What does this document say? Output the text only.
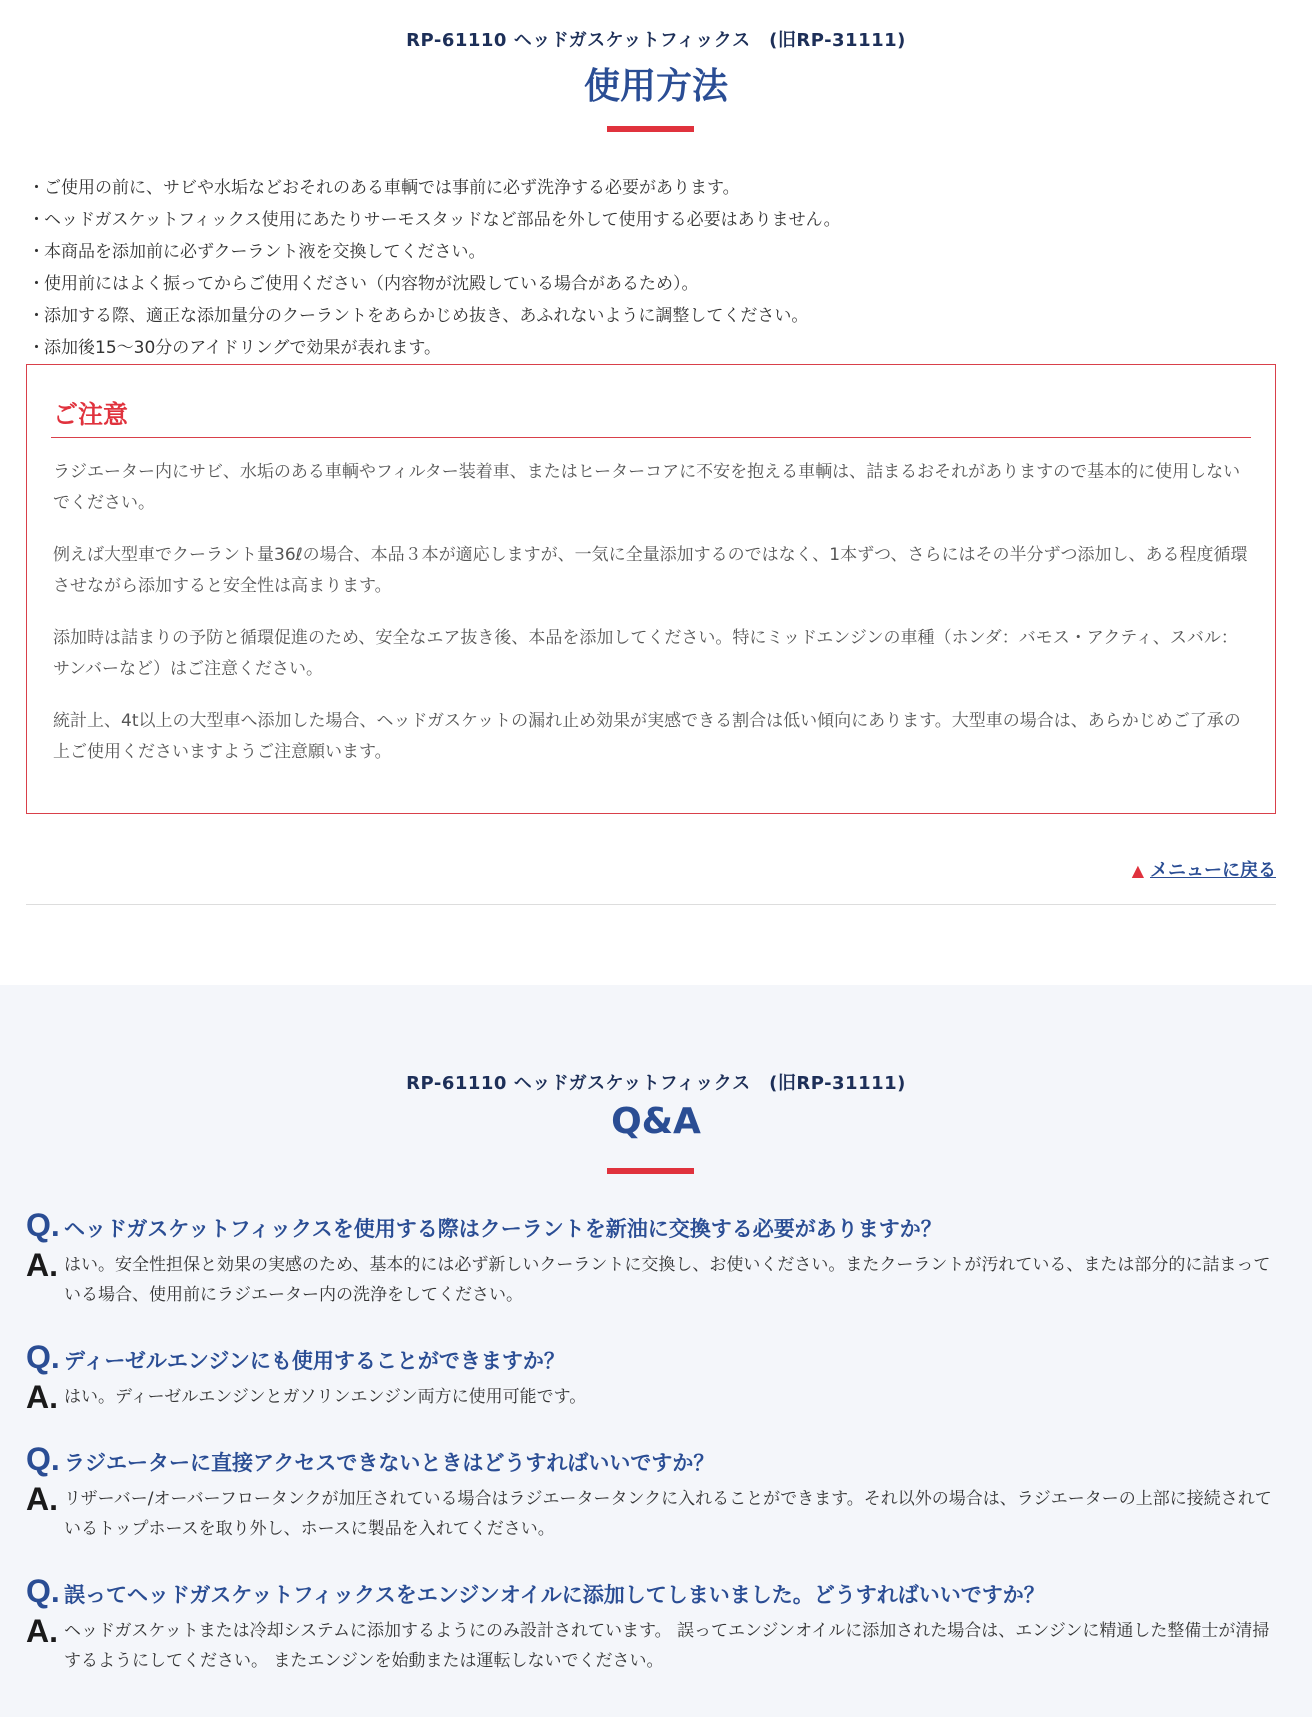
RP-61110 ヘッドガスケットフィックス　(旧RP-31111)
使用方法
・ご使用の前に、サビや水垢などおそれのある車輌では事前に必ず洗浄する必要があります。
・ヘッドガスケットフィックス使用にあたりサーモスタッドなど部品を外して使用する必要はありません。
・本商品を添加前に必ずクーラント液を交換してください。
・使用前にはよく振ってからご使用ください（内容物が沈殿している場合があるため）。
・添加する際、適正な添加量分のクーラントをあらかじめ抜き、あふれないように調整してください。
・添加後15～30分のアイドリングで効果が表れます。
ご注意
ラジエーター内にサビ、水垢のある車輌やフィルター装着車、またはヒーターコアに不安を抱える車輌は、詰まるおそれがありますので基本的に使用しないでください。
例えば大型車でクーラント量36ℓの場合、本品３本が適応しますが、一気に全量添加するのではなく、1本ずつ、さらにはその半分ずつ添加し、ある程度循環させながら添加すると安全性は高まります。
添加時は詰まりの予防と循環促進のため、安全なエア抜き後、本品を添加してください。特にミッドエンジンの車種（ホンダ：バモス・アクティ、スバル：サンバーなど）はご注意ください。
統計上、4t以上の大型車へ添加した場合、ヘッドガスケットの漏れ止め効果が実感できる割合は低い傾向にあります。大型車の場合は、あらかじめご了承の上ご使用くださいますようご注意願います。
▲ メニューに戻る
RP-61110 ヘッドガスケットフィックス　(旧RP-31111)
Q&A
Q. ヘッドガスケットフィックスを使用する際はクーラントを新油に交換する必要がありますか？
A. はい。安全性担保と効果の実感のため、基本的には必ず新しいクーラントに交換し、お使いください。またクーラントが汚れている、または部分的に詰まっている場合、使用前にラジエーター内の洗浄をしてください。
Q. ディーゼルエンジンにも使用することができますか？
A. はい。ディーゼルエンジンとガソリンエンジン両方に使用可能です。
Q. ラジエーターに直接アクセスできないときはどうすればいいですか？
A. リザーバー/オーバーフロータンクが加圧されている場合はラジエータータンクに入れることができます。それ以外の場合は、ラジエーターの上部に接続されているトップホースを取り外し、ホースに製品を入れてください。
Q. 誤ってヘッドガスケットフィックスをエンジンオイルに添加してしまいました。どうすればいいですか？
A. ヘッドガスケットまたは冷却システムに添加するようにのみ設計されています。 誤ってエンジンオイルに添加された場合は、エンジンに精通した整備士が清掃するようにしてください。 またエンジンを始動または運転しないでください。
